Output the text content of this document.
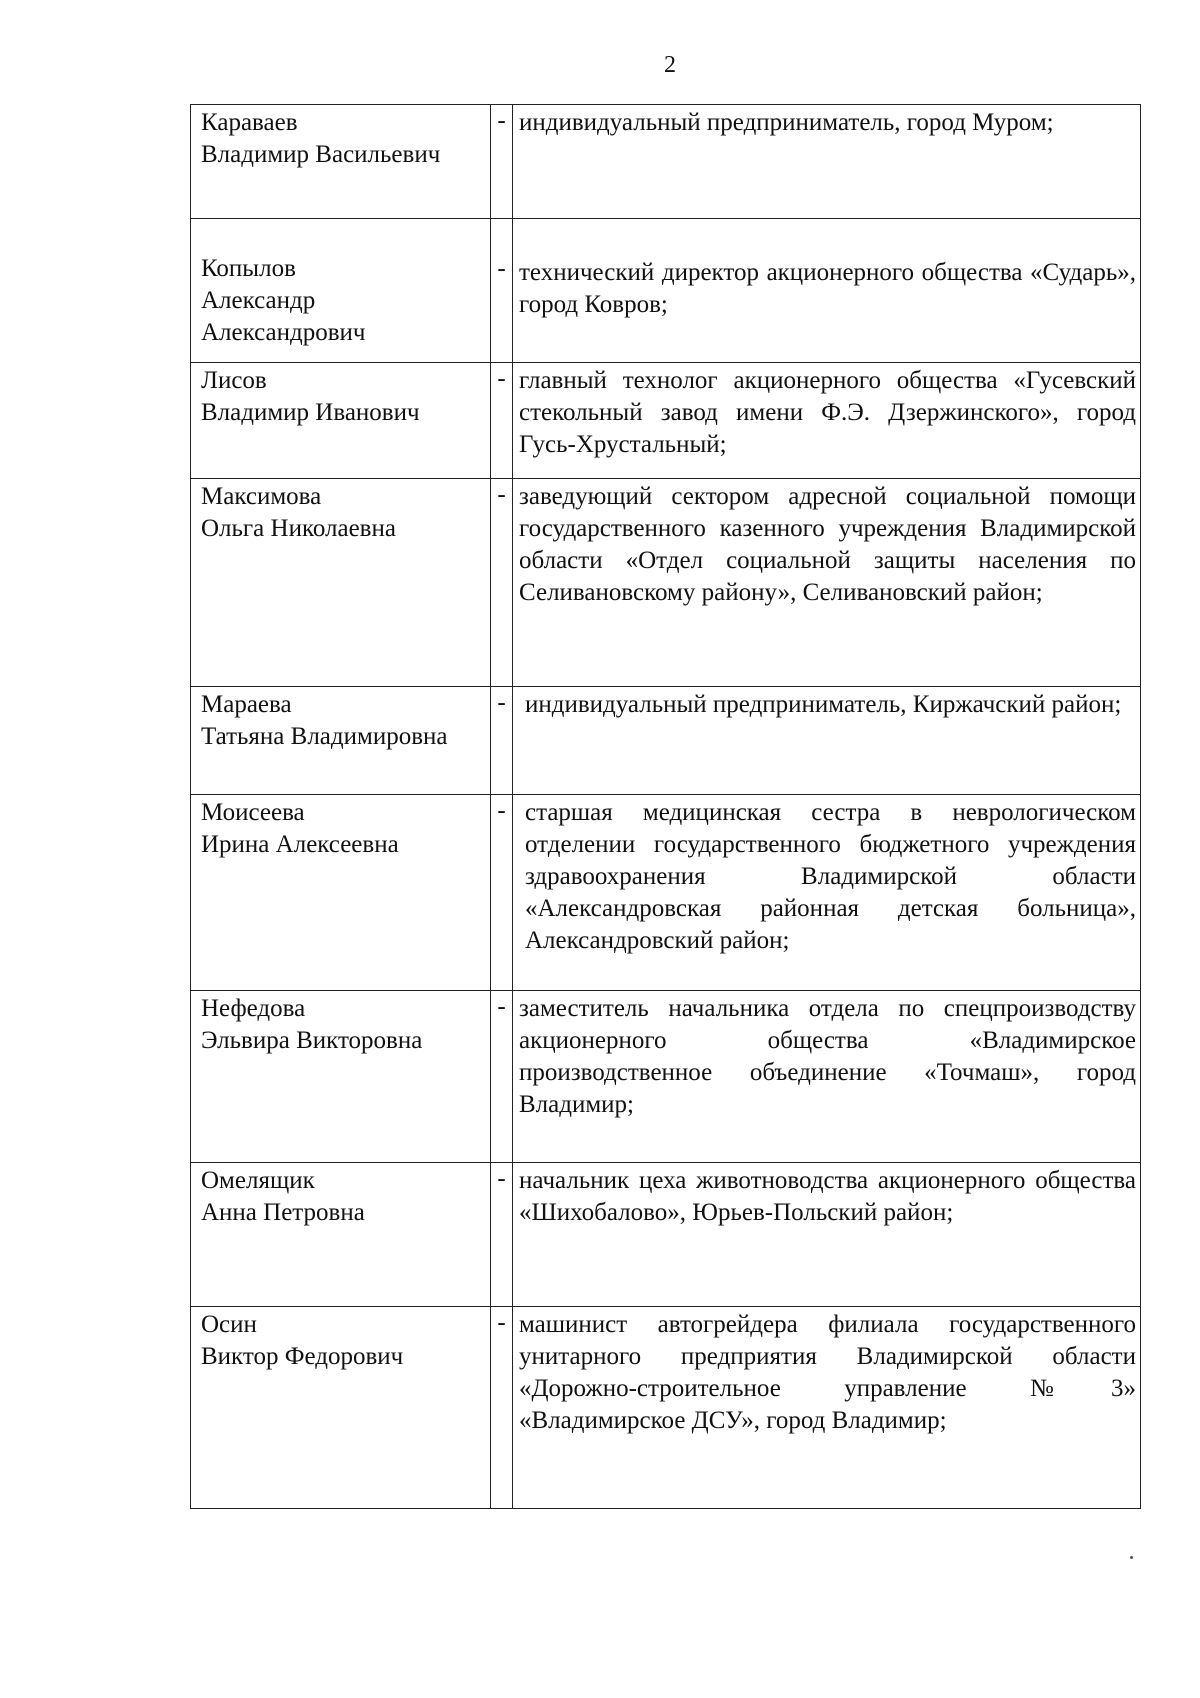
2
Караваев
Владимир Васильевич	-	индивидуальный предприниматель, город Муром;

Копылов
Александр Александрович	-	технический директор акционерного общества «Сударь», город Ковров;

Лисов
Владимир Иванович	-	главный технолог акционерного общества «Гусевский стекольный завод имени Ф.Э. Дзержинского», город Гусь-Хрустальный;

Максимова
Ольга Николаевна	-	заведующий сектором адресной социальной помощи государственного казенного учреждения Владимирской области «Отдел социальной защиты населения по Селивановскому району», Селивановский район;

Мараева
Татьяна Владимировна	-	индивидуальный предприниматель, Киржачский район;

Моисеева
Ирина Алексеевна	-	старшая медицинская сестра в неврологическом отделении государственного бюджетного учреждения здравоохранения Владимирской области «Александровская районная детская больница», Александровский район;

Нефедова
Эльвира Викторовна	-	заместитель начальника отдела по спецпроизводству акционерного общества «Владимирское производственное объединение «Точмаш», город Владимир;

Омелящик
Анна Петровна	-	начальник цеха животноводства акционерного общества «Шихобалово», Юрьев-Польский район;

Осин
Виктор Федорович	-	машинист автогрейдера филиала государственного унитарного предприятия Владимирской области «Дорожно-строительное управление №3» «Владимирское ДСУ», город Владимир;
